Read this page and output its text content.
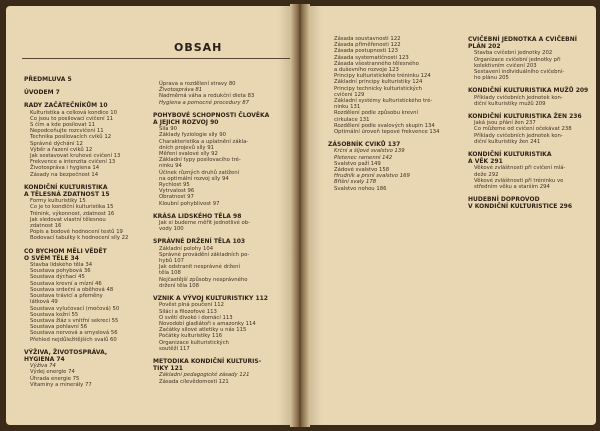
OBSAH
PŘEDMLUVA 5
ÚVODEM 7
RADY ZAČÁTEČNÍKŮM 10
Kulturistika a celková kondice 10
Co jsou to posilovací cvičení 11
S čím a kde posilovat 11
Nepodceňujte rozcvičení 11
Technika posilovacích cviků 12
Správné dýchání 12
Výběr a řazení cviků 12
Jak sestavovat kruhové cvičení 13
Frekvence a intenzita cvičení 13
Životospráva i hygiena 14
Zásady na bezpečnost 14
KONDIČNÍ KULTURISTIKA
A TĚLESNÁ ZDATNOST 15
Formy kulturistiky 15
Co je to kondiční kulturistika 15
Trénink, výkonnost, zdatnost 16
Jak sledovat vlastní tělesnou
zdatnost 16
Popis a bodové hodnocení testů 19
Bodovací tabulky k hodnocení síly 22
CO BYCHOM MĚLI VĚDĚT
O SVÉM TĚLE 34
Stavba lidského těla 34
Soustava pohybová 36
Soustava dýchací 45
Soustava krevní a mízní 46
Soustava srdeční a oběhová 48
Soustava trávicí a přeměny
látková 49
Soustava vylučovací (močová) 50
Soustava kožní 55
Soustava žláz s vnitřní sekrecí 55
Soustava pohlavní 56
Soustava nervová a smyslová 56
Přehled nejdůležitějších svalů 60
VÝŽIVA, ŽIVOTOSPRÁVA,
HYGIENA 74
Výživa 74
Výdej energie 74
Úhrada energie 75
Vitaminy a minerály 77
Úprava a rozdělení stravy 80
Životospráva 81
Nadměrná váha a redukční dieta 83
Hygiena a pomocné procedury 87
POHYBOVÉ SCHOPNOSTI ČLOVĚKA
A JEJICH ROZVOJ 90
Síla 90
Základy fyziologie síly 90
Charakteristika a uplatnění zákla-
dních projevů síly 91
Měření svalové síly 92
Základní typy posilovacího tré-
ninku 94
Účinek různých druhů zatížení
na optimální rozvoj síly 94
Rychlost 95
Vytrvalost 96
Obratnost 97
Kloubní pohyblivost 97
KRÁSA LIDSKÉHO TĚLA 98
Jak si budeme měřit jednotlivé ob-
vody 100
SPRÁVNÉ DRŽENÍ TĚLA 103
Základní polohy 104
Správné provádění základních po-
hybů 107
Jak odstranit nesprávné držení
těla 108
Nejčastější způsoby nesprávného
držení těla 108
VZNIK A VÝVOJ KULTURISTIKY 112
Pověst plná poučení 112
Siláci a filozofové 113
O světí divoké i domácí 113
Novodobí gladiátoři s amazonky 114
Začátky silové atletiky u nás 115
Počátky kulturistiky 116
Organizace kulturistických
soutěží 117
METODIKA KONDIČNÍ KULTURIS-
TIKY 121
Základní pedagogické zásady 121
Zásada cílevědomosti 121
Zásada soustavnosti 122
Zásada přiměřenosti 122
Zásada postupnosti 123
Zásada systematičnosti 123
Zásada všestranného tělesného
a duševního rozvoje 123
Principy kulturistického tréninku 124
Základní principy kulturistiky 124
Principy technicky kulturistických
cvičení 129
Základní systémy kulturistického tré-
ninku 131
Rozdělení podle způsobu krevní
cirkulace 131
Rozdělení podle svalových skupin 134
Optimální úroveň tepové frekvence 134
ZÁSOBNÍK CVIKŮ 137
Krční a šíjové svalstvo 139
Pletenec ramenní 142
Svalstvo paží 149
Zádové svalstvo 158
Hrudník a prsní svalstvo 169
Břišní svaly 178
Svalstvo nohou 186
CVIČEBNÍ JEDNOTKA A CVIČEBNÍ
PLÁN 202
Stavba cvičební jednotky 202
Organizace cvičební jednotky při
kolektivním cvičení 203
Sestavení individuálního cvičební-
ho plánu 205
KONDIČNÍ KULTURISTIKA MUŽŮ 209
Příklady cvičebních jednotek kon-
diční kulturistiky mužů 209
KONDIČNÍ KULTURISTIKA ŽEN 236
Jaká jsou přání žen 237
Co můžeme od cvičení očekávat 238
Příklady cvičebních jednotek kon-
diční kulturistiky žen 241
KONDIČNÍ KULTURISTIKA
A VĚK 291
Věkové zvláštnosti při cvičení mlá-
deže 292
Věkové zvláštnosti při tréninku ve
středním věku a starším 294
HUDEBNÍ DOPROVOD
V KONDIČNÍ KULTURISTICE 296
